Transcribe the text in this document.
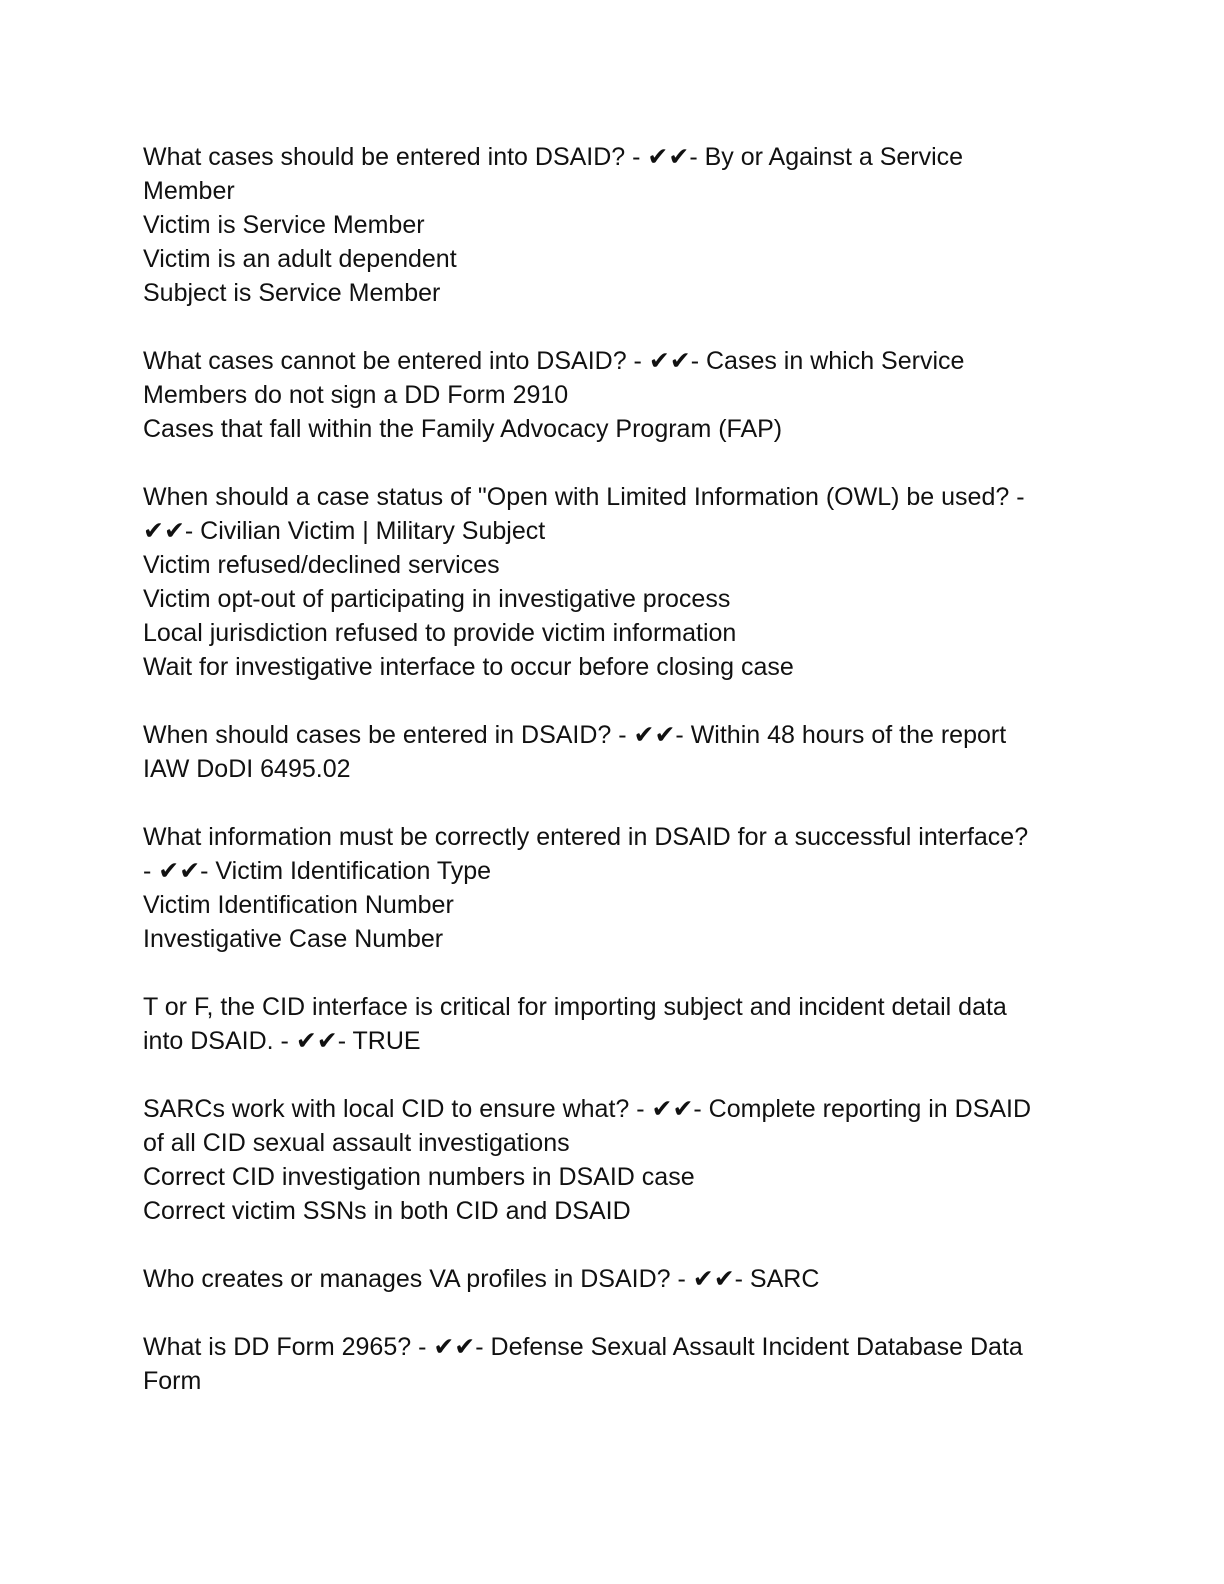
What cases should be entered into DSAID? - ✔✔- By or Against a Service
Member
Victim is Service Member
Victim is an adult dependent
Subject is Service Member
What cases cannot be entered into DSAID? - ✔✔- Cases in which Service
Members do not sign a DD Form 2910
Cases that fall within the Family Advocacy Program (FAP)
When should a case status of "Open with Limited Information (OWL) be used? -
✔✔- Civilian Victim | Military Subject
Victim refused/declined services
Victim opt-out of participating in investigative process
Local jurisdiction refused to provide victim information
Wait for investigative interface to occur before closing case
When should cases be entered in DSAID? - ✔✔- Within 48 hours of the report
IAW DoDI 6495.02
What information must be correctly entered in DSAID for a successful interface?
- ✔✔- Victim Identification Type
Victim Identification Number
Investigative Case Number
T or F, the CID interface is critical for importing subject and incident detail data
into DSAID. - ✔✔- TRUE
SARCs work with local CID to ensure what? - ✔✔- Complete reporting in DSAID
of all CID sexual assault investigations
Correct CID investigation numbers in DSAID case
Correct victim SSNs in both CID and DSAID
Who creates or manages VA profiles in DSAID? - ✔✔- SARC
What is DD Form 2965? - ✔✔- Defense Sexual Assault Incident Database Data
Form
